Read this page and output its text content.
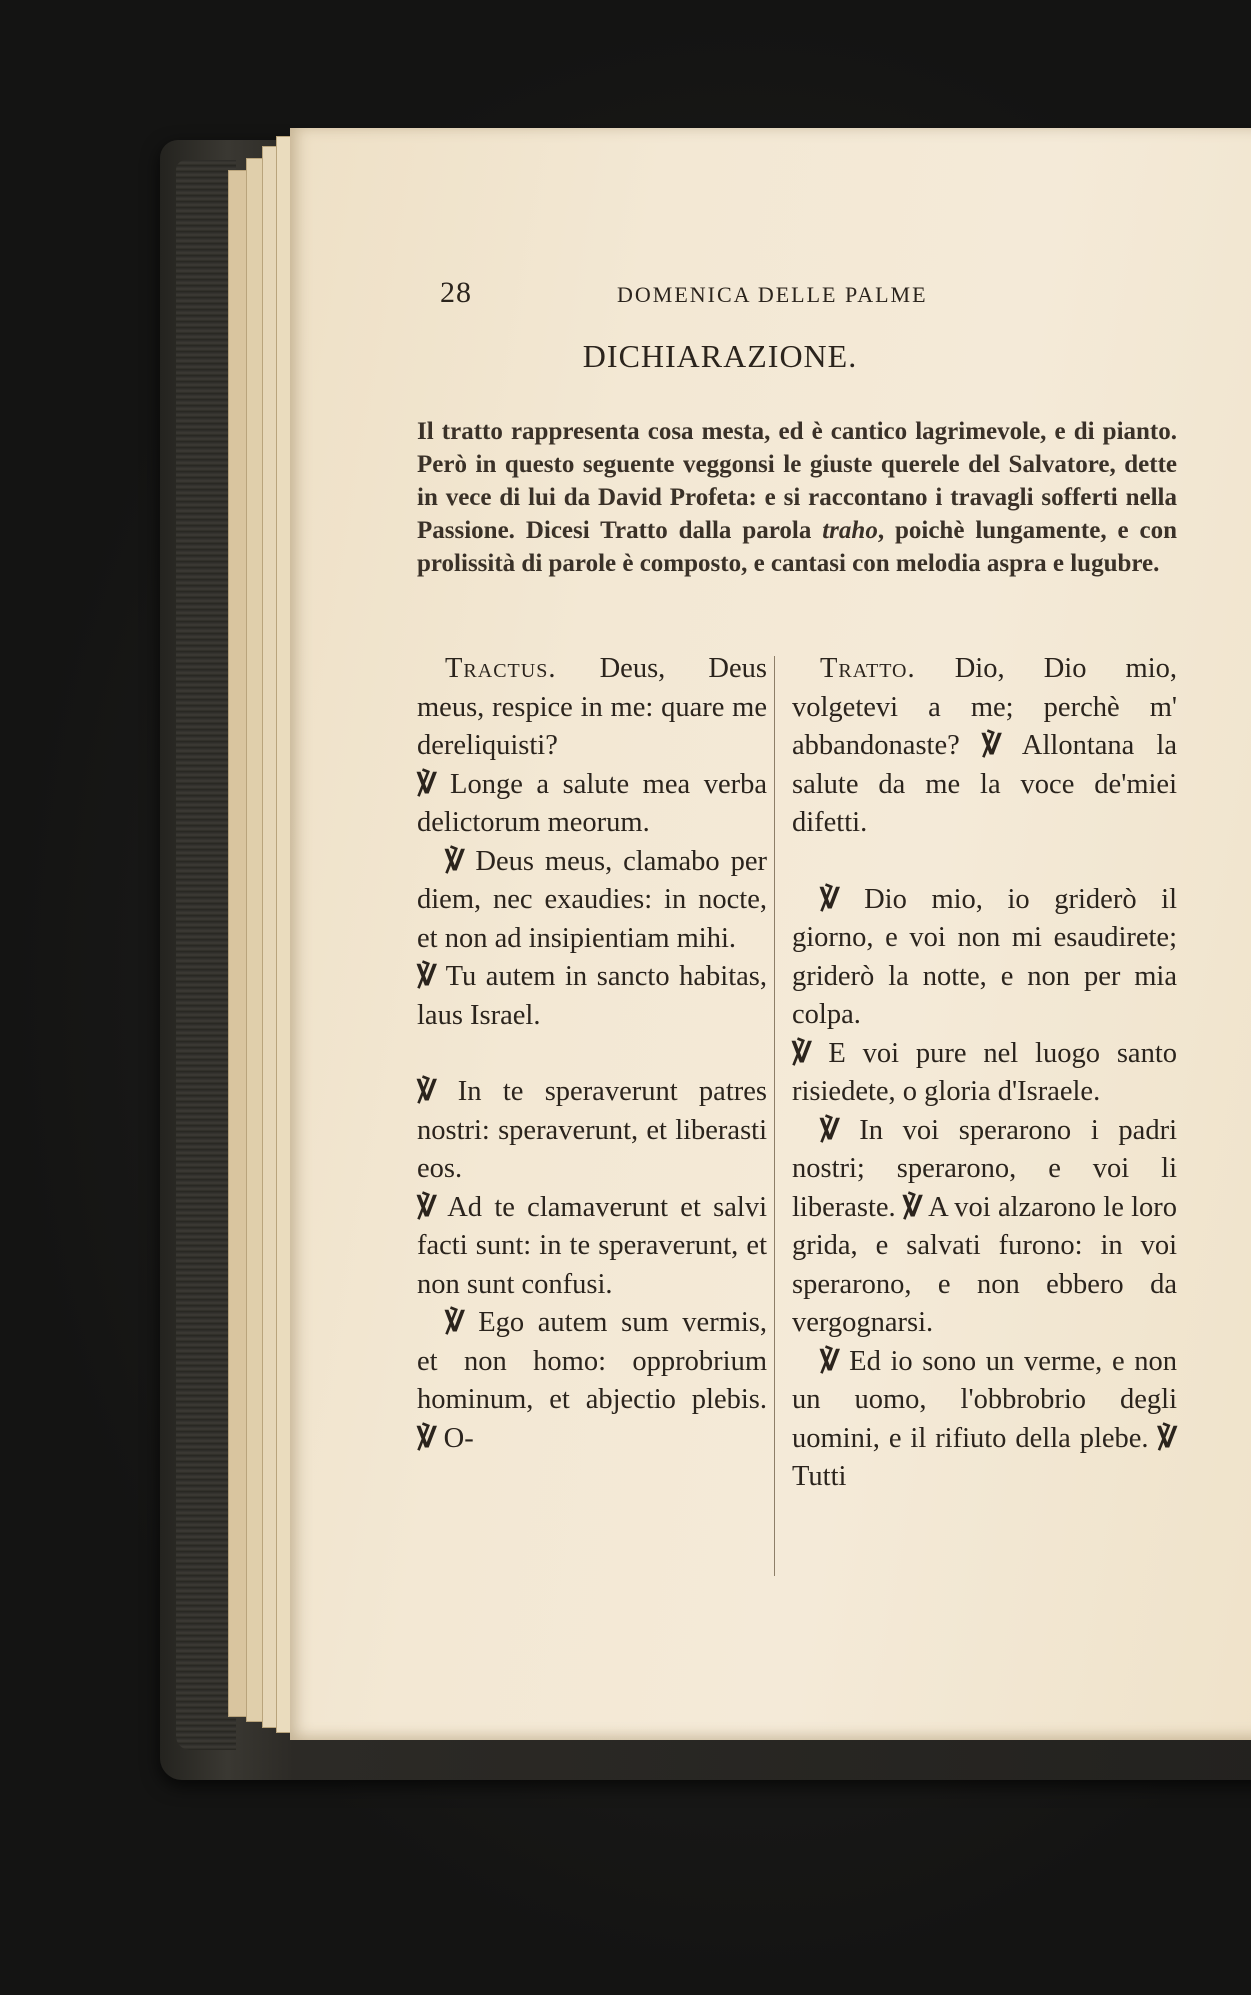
28	DOMENICA DELLE PALME
DICHIARAZIONE.

Il tratto rappresenta cosa mesta, ed è cantico lagrimevole, e di pianto. Però in questo seguente veggonsi le giuste querele del Salvatore, dette in vece di lui da David Profeta: e si raccontano i travagli sofferti nella Passione. Dicesi Tratto dalla parola traho, poichè lungamente, e con prolissità di parole è composto, e cantasi con melodia aspra e lugubre.

Tractus. Deus, Deus meus, respice in me: quare me dereliquisti?

℣ Longe a salute mea verba delictorum meorum.

℣ Deus meus, clamabo per diem, nec exaudies: in nocte, et non ad insipientiam mihi.

℣ Tu autem in sancto habitas, laus Israel.

℣ In te speraverunt patres nostri: speraverunt, et liberasti eos.

℣ Ad te clamaverunt et salvi facti sunt: in te speraverunt, et non sunt confusi.

℣ Ego autem sum vermis, et non homo: opprobrium hominum, et abjectio plebis. ℣ O-

Tratto. Dio, Dio mio, volgetevi a me; perchè m' abbandonaste? ℣ Allontana la salute da me la voce de'miei difetti.

℣ Dio mio, io griderò il giorno, e voi non mi esaudirete; griderò la notte, e non per mia colpa.

℣ E voi pure nel luogo santo risiedete, o gloria d'Israele.

℣ In voi sperarono i padri nostri; sperarono, e voi li liberaste. ℣ A voi alzarono le loro grida, e salvati furono: in voi sperarono, e non ebbero da vergognarsi.

℣ Ed io sono un verme, e non un uomo, l'obbrobrio degli uomini, e il rifiuto della plebe. ℣ Tutti
